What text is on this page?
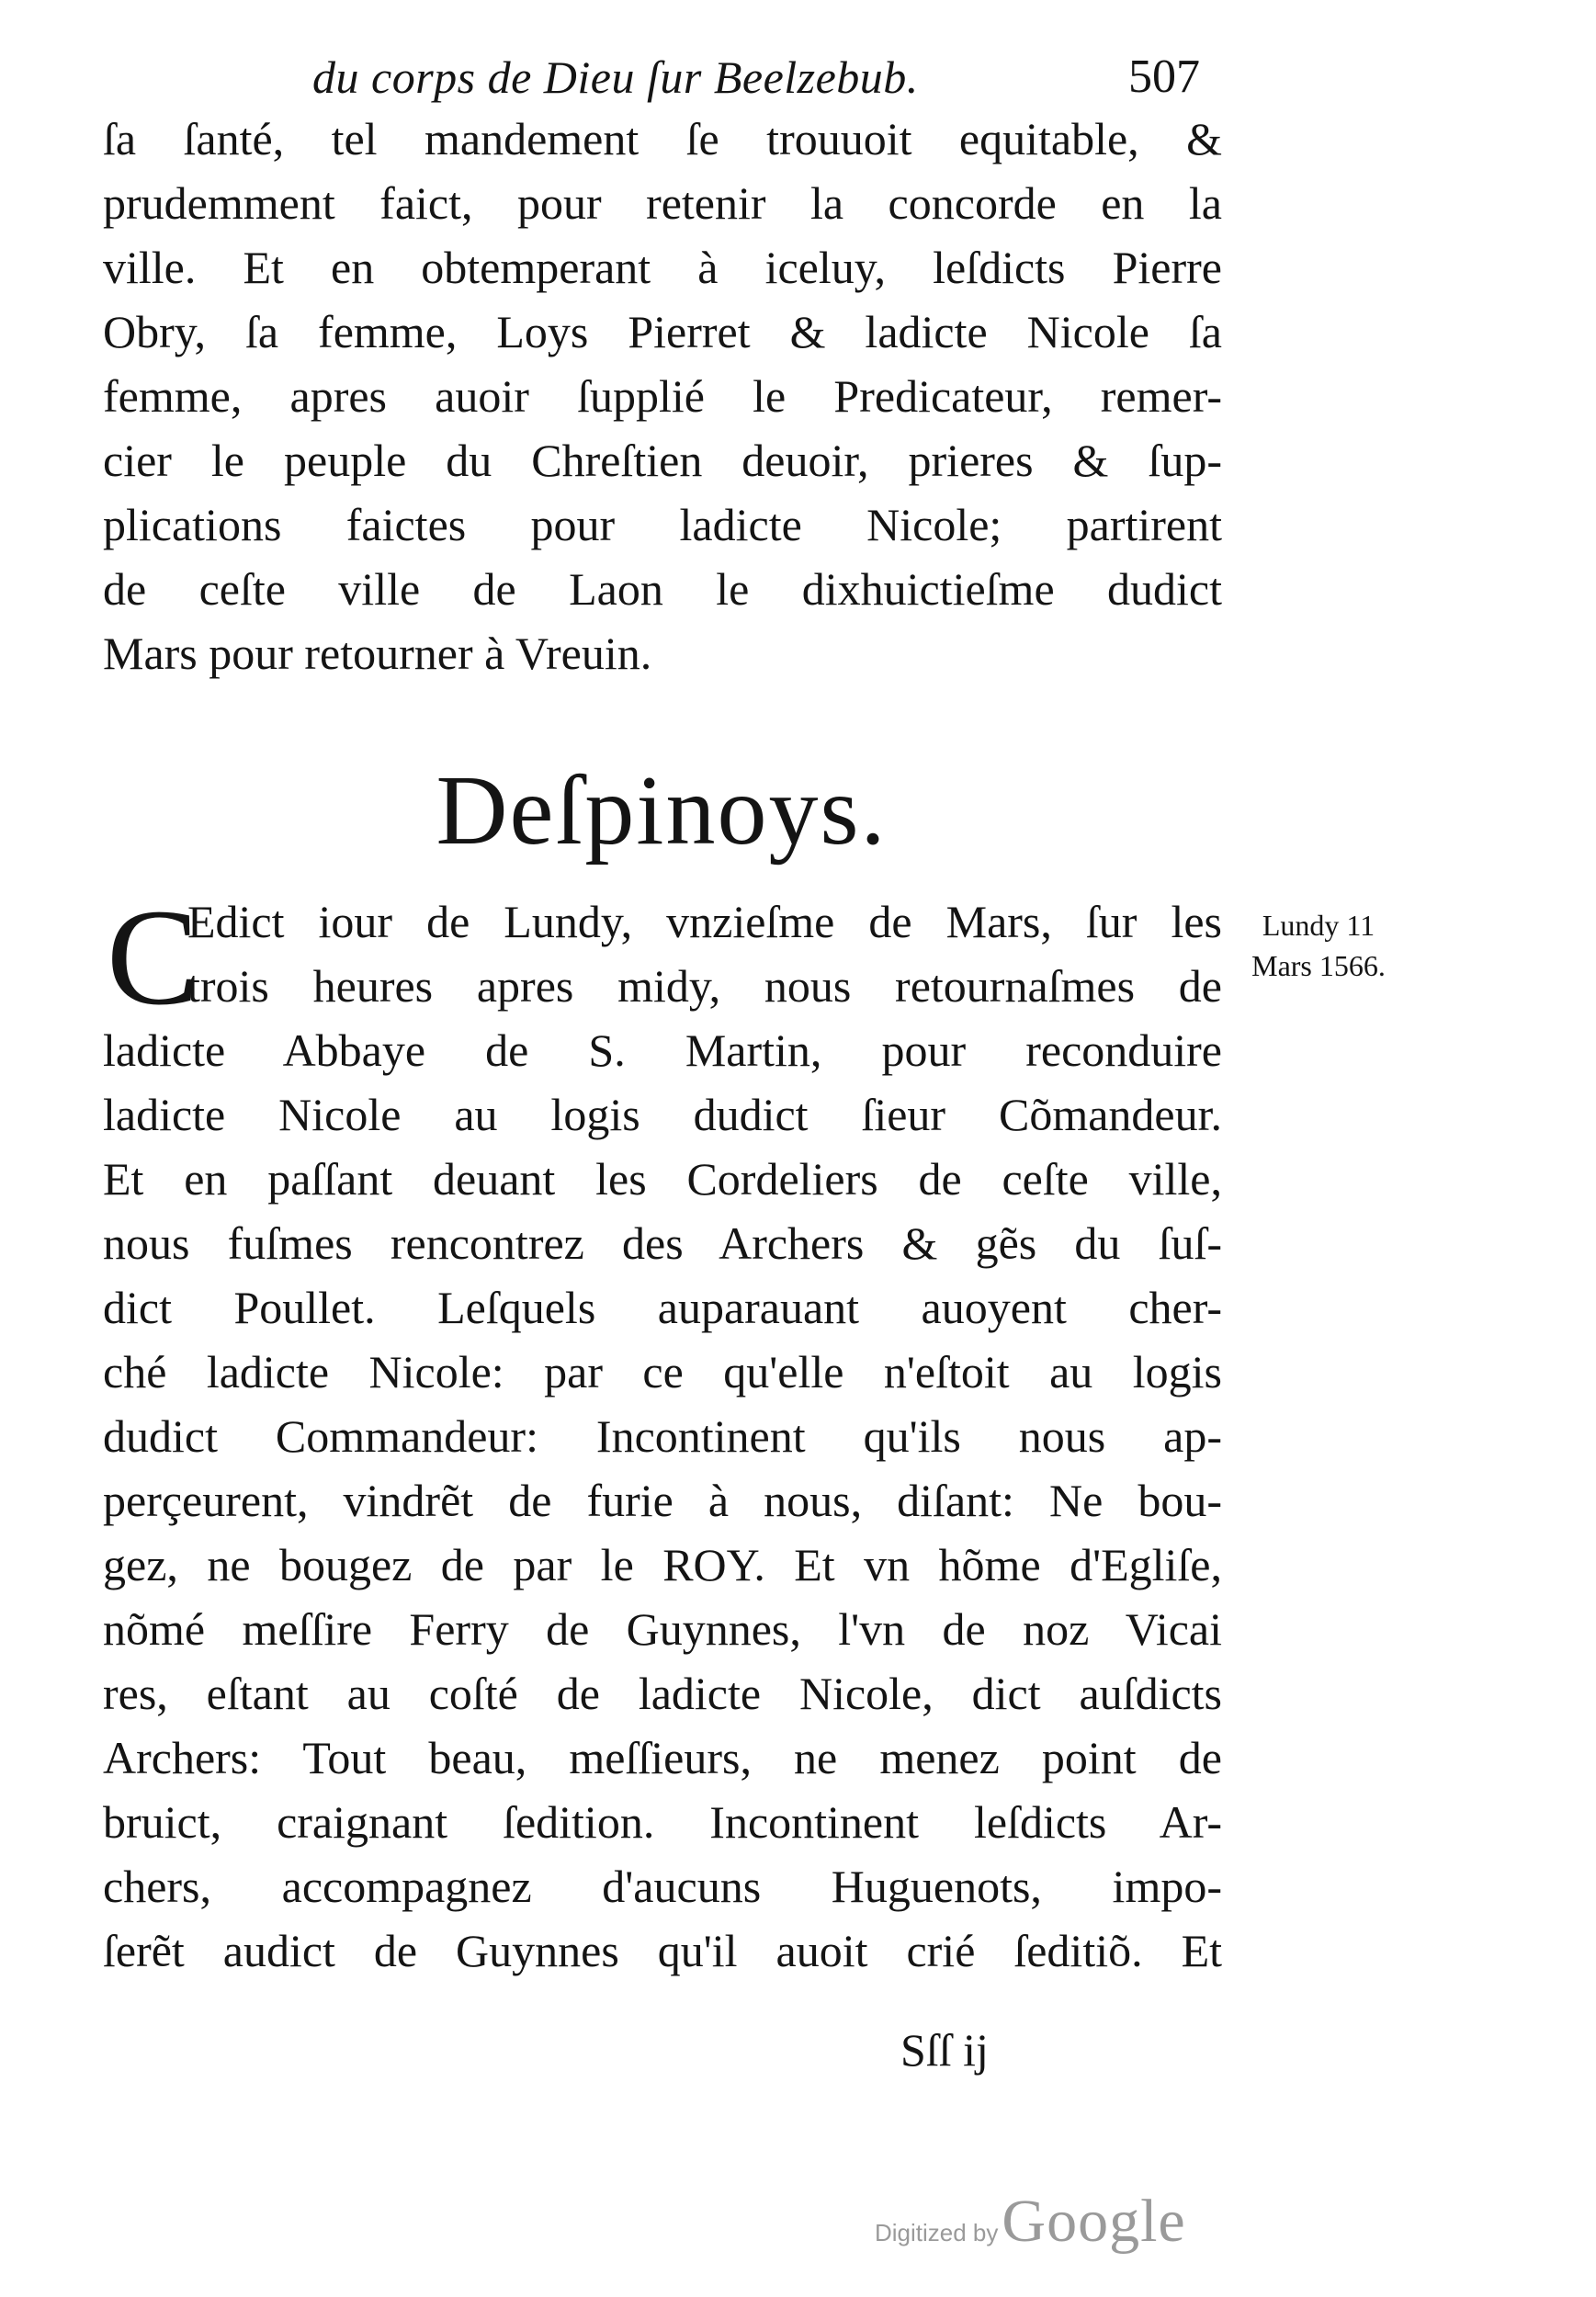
du corps de Dieu ſur Beelzebub.	507
ſa ſanté, tel mandement ſe trouuoit equitable, &
prudemment faict, pour retenir la concorde en la
ville. Et en obtemperant à iceluy, leſdicts Pierre
Obry, ſa femme, Loys Pierret & ladicte Nicole ſa
femme, apres auoir ſupplié le Predicateur, remer-
cier le peuple du Chreſtien deuoir, prieres & ſup-
plications faictes pour ladicte Nicole; partirent
de ceſte ville de Laon le dixhuictieſme dudict
Mars pour retourner à Vreuin.
Deſpinoys.
C
Edict iour de Lundy, vnzieſme de Mars, ſur les
trois heures apres midy, nous retournaſmes de
ladicte Abbaye de S. Martin, pour reconduire
ladicte Nicole au logis dudict ſieur Cõmandeur.
Et en paſſant deuant les Cordeliers de ceſte ville,
nous fuſmes rencontrez des Archers & gẽs du ſuſ-
dict Poullet. Leſquels auparauant auoyent cher-
ché ladicte Nicole: par ce qu'elle n'eſtoit au logis
dudict Commandeur: Incontinent qu'ils nous ap-
perçeurent, vindrẽt de furie à nous, diſant: Ne bou-
gez, ne bougez de par le ROY. Et vn hõme d'Egliſe,
nõmé meſſire Ferry de Guynnes, l'vn de noz Vicai
res, eſtant au coſté de ladicte Nicole, dict auſdicts
Archers: Tout beau, meſſieurs, ne menez point de
bruict, craignant ſedition. Incontinent leſdicts Ar-
chers, accompagnez d'aucuns Huguenots, impo-
ſerẽt audict de Guynnes qu'il auoit crié ſeditiõ. Et
Lundy 11
Mars 1566.
Sſſ ij
Digitized by Google
